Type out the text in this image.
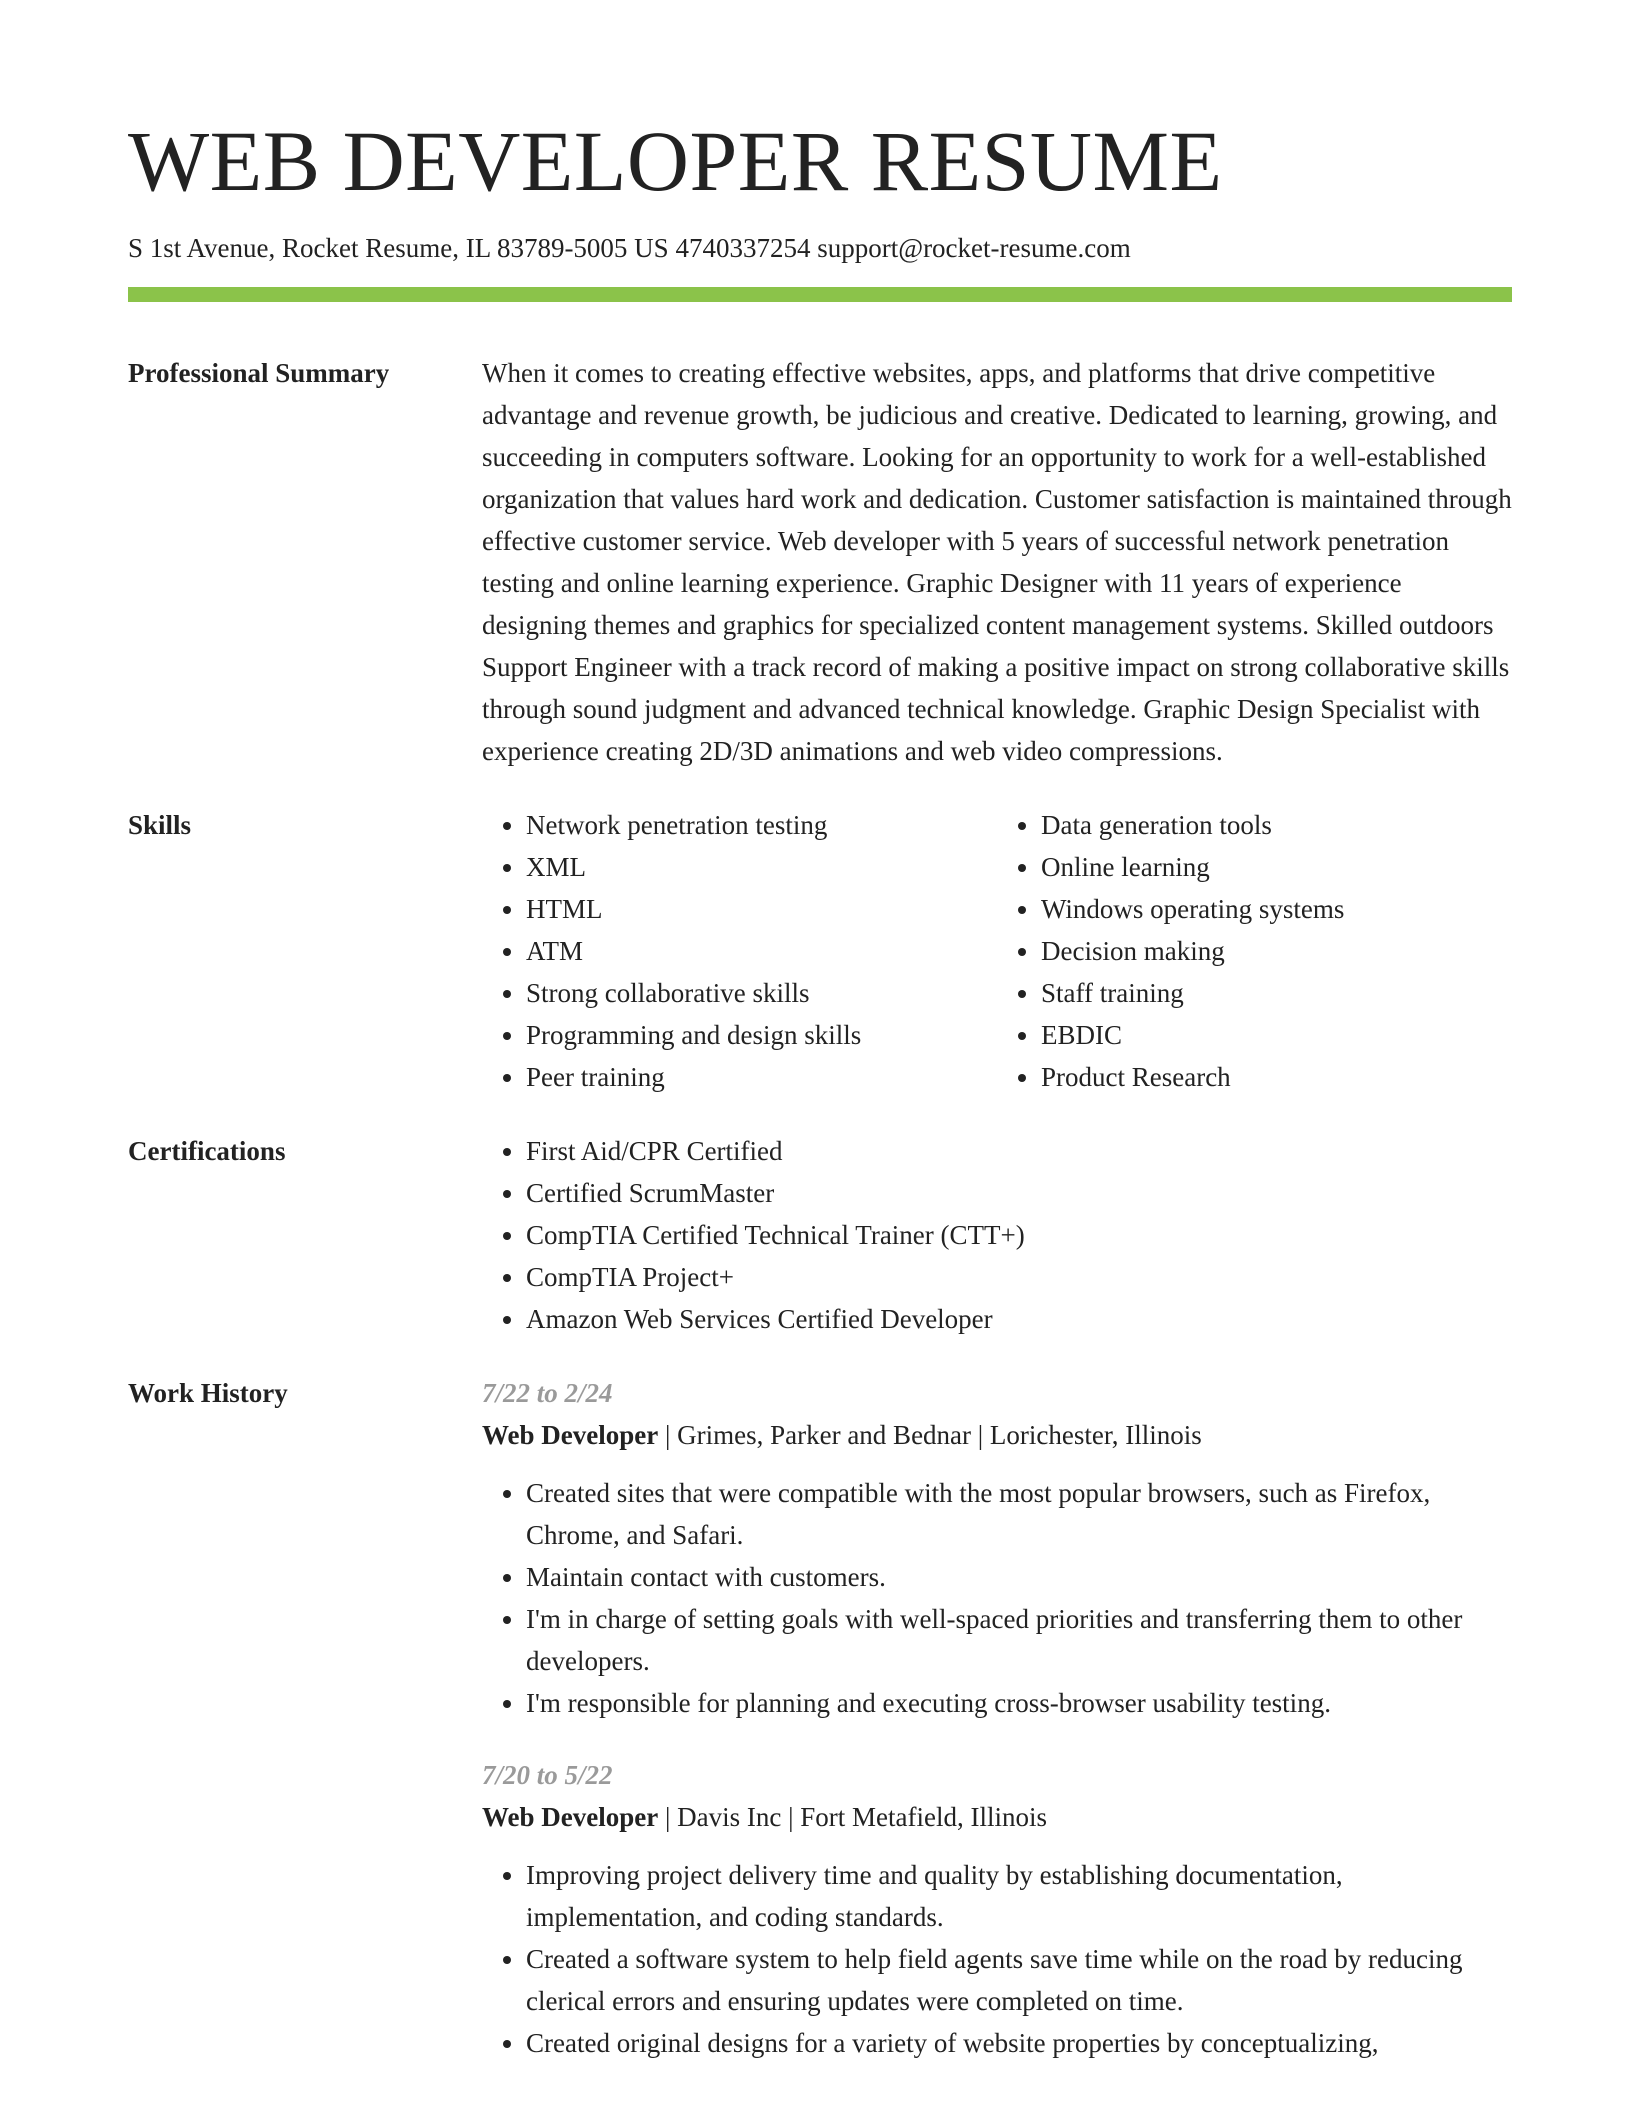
WEB DEVELOPER RESUME
S 1st Avenue, Rocket Resume, IL 83789-5005 US 4740337254 support@rocket-resume.com
Professional Summary	When it comes to creating effective websites, apps, and platforms that drive competitive advantage and revenue growth, be judicious and creative. Dedicated to learning, growing, and succeeding in computers software. Looking for an opportunity to work for a well-established organization that values hard work and dedication. Customer satisfaction is maintained through effective customer service. Web developer with 5 years of successful network penetration testing and online learning experience. Graphic Designer with 11 years of experience designing themes and graphics for specialized content management systems. Skilled outdoors Support Engineer with a track record of making a positive impact on strong collaborative skills through sound judgment and advanced technical knowledge. Graphic Design Specialist with experience creating 2D/3D animations and web video compressions.

Skills	• Network penetration testing
• XML
• HTML
• ATM
• Strong collaborative skills
• Programming and design skills
• Peer training
• Data generation tools
• Online learning
• Windows operating systems
• Decision making
• Staff training
• EBDIC
• Product Research
Certifications	• First Aid/CPR Certified
• Certified ScrumMaster
• CompTIA Certified Technical Trainer (CTT+)
• CompTIA Project+
• Amazon Web Services Certified Developer
Work History	7/22 to 2/24
Web Developer | Grimes, Parker and Bednar | Lorichester, Illinois
• Created sites that were compatible with the most popular browsers, such as Firefox, Chrome, and Safari.
• Maintain contact with customers.
• I'm in charge of setting goals with well-spaced priorities and transferring them to other developers.
• I'm responsible for planning and executing cross-browser usability testing.
7/20 to 5/22
Web Developer | Davis Inc | Fort Metafield, Illinois
• Improving project delivery time and quality by establishing documentation, implementation, and coding standards.
• Created a software system to help field agents save time while on the road by reducing clerical errors and ensuring updates were completed on time.
• Created original designs for a variety of website properties by conceptualizing,
